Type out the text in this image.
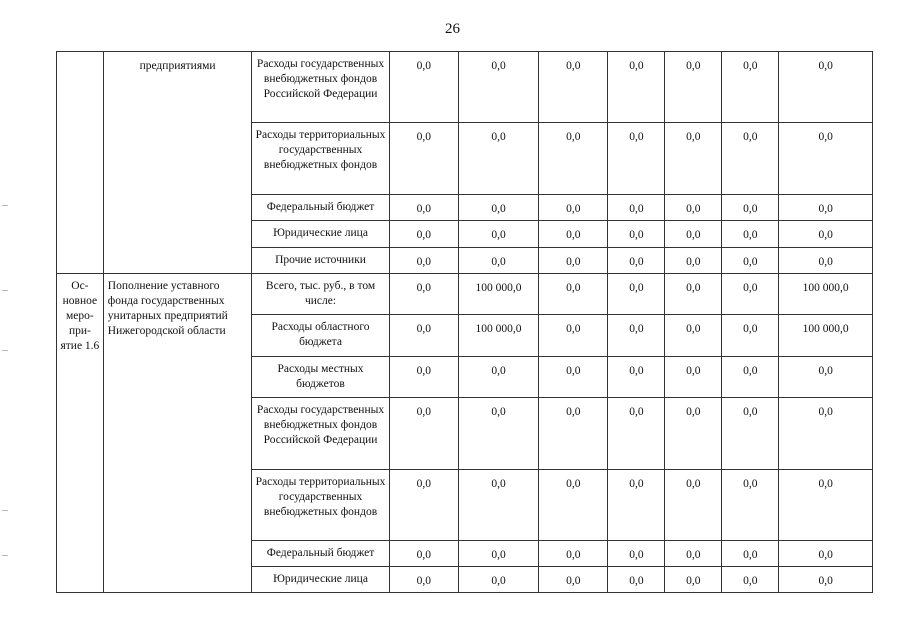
26
	предприятиями	Расходы государственных внебюджетных фондов Российской Федерации	0,0	0,0	0,0	0,0	0,0	0,0	0,0
		Расходы территориальных государственных внебюджетных фондов	0,0	0,0	0,0	0,0	0,0	0,0	0,0
		Федеральный бюджет	0,0	0,0	0,0	0,0	0,0	0,0	0,0
		Юридические лица	0,0	0,0	0,0	0,0	0,0	0,0	0,0
		Прочие источники	0,0	0,0	0,0	0,0	0,0	0,0	0,0
Ос-новное меро-при-ятие 1.6	Пополнение уставного фонда государственных унитарных предприятий Нижегородской области	Всего, тыс. руб., в том числе:	0,0	100 000,0	0,0	0,0	0,0	0,0	100 000,0
		Расходы областного бюджета	0,0	100 000,0	0,0	0,0	0,0	0,0	100 000,0
		Расходы местных бюджетов	0,0	0,0	0,0	0,0	0,0	0,0	0,0
		Расходы государственных внебюджетных фондов Российской Федерации	0,0	0,0	0,0	0,0	0,0	0,0	0,0
		Расходы территориальных государственных внебюджетных фондов	0,0	0,0	0,0	0,0	0,0	0,0	0,0
		Федеральный бюджет	0,0	0,0	0,0	0,0	0,0	0,0	0,0
		Юридические лица	0,0	0,0	0,0	0,0	0,0	0,0	0,0
